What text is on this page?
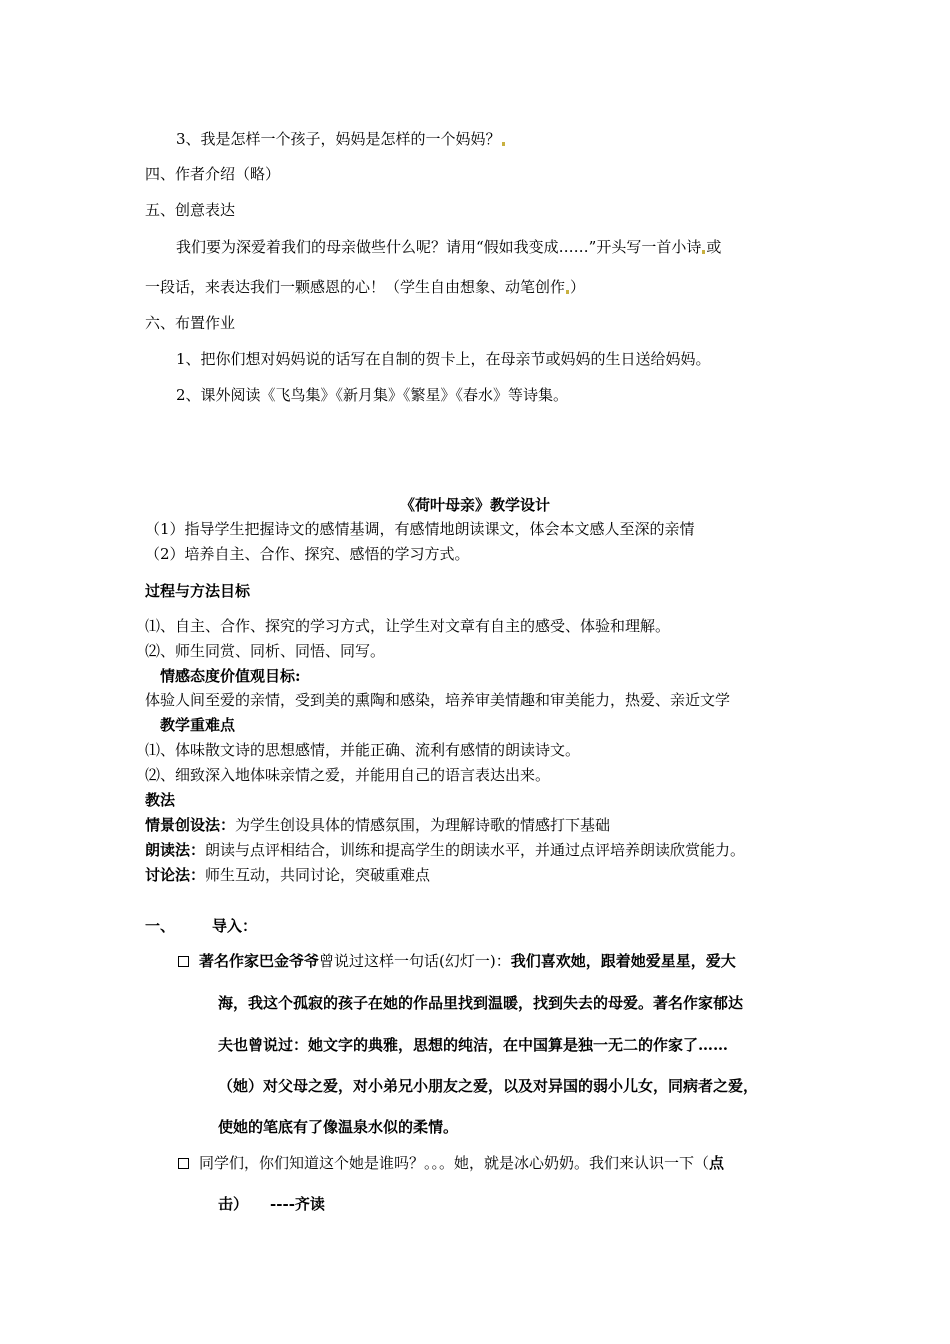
3、我是怎样一个孩子，妈妈是怎样的一个妈妈？

四、作者介绍（略）

五、创意表达

我们要为深爱着我们的母亲做些什么呢？请用“假如我变成……”开头写一首小诗 或

一段话，来表达我们一颗感恩的心！（学生自由想象、动笔创作 ）

六、布置作业

1、把你们想对妈妈说的话写在自制的贺卡上，在母亲节或妈妈的生日送给妈妈。

2、课外阅读《飞鸟集》《新月集》《繁星》《春水》等诗集。

《荷叶母亲》教学设计

（1）指导学生把握诗文的感情基调，有感情地朗读课文，体会本文感人至深的亲情

（2）培养自主、合作、探究、感悟的学习方式。

过程与方法目标

⑴、自主、合作、探究的学习方式，让学生对文章有自主的感受、体验和理解。

⑵、师生同赏、同析、同悟、同写。

情感态度价值观目标:

体验人间至爱的亲情，受到美的熏陶和感染，培养审美情趣和审美能力，热爱、亲近文学

教学重难点

⑴、体味散文诗的思想感情，并能正确、流利有感情的朗读诗文。

⑵、细致深入地体味亲情之爱，并能用自己的语言表达出来。

教法

情景创设法：为学生创设具体的情感氛围，为理解诗歌的情感打下基础

朗读法：朗读与点评相结合，训练和提高学生的朗读水平，并通过点评培养朗读欣赏能力。

讨论法：师生互动，共同讨论，突破重难点

一、 导入：

著名作家巴金爷爷曾说过这样一句话(幻灯一)：我们喜欢她，跟着她爱星星，爱大

海，我这个孤寂的孩子在她的作品里找到温暖，找到失去的母爱。著名作家郁达

夫也曾说过：她文字的典雅，思想的纯洁，在中国算是独一无二的作家了……

（她）对父母之爱，对小弟兄小朋友之爱，以及对异国的弱小儿女，同病者之爱，

使她的笔底有了像温泉水似的柔情。

同学们，你们知道这个她是谁吗？。。。她，就是冰心奶奶。我们来认识一下（点

击） ----齐读
